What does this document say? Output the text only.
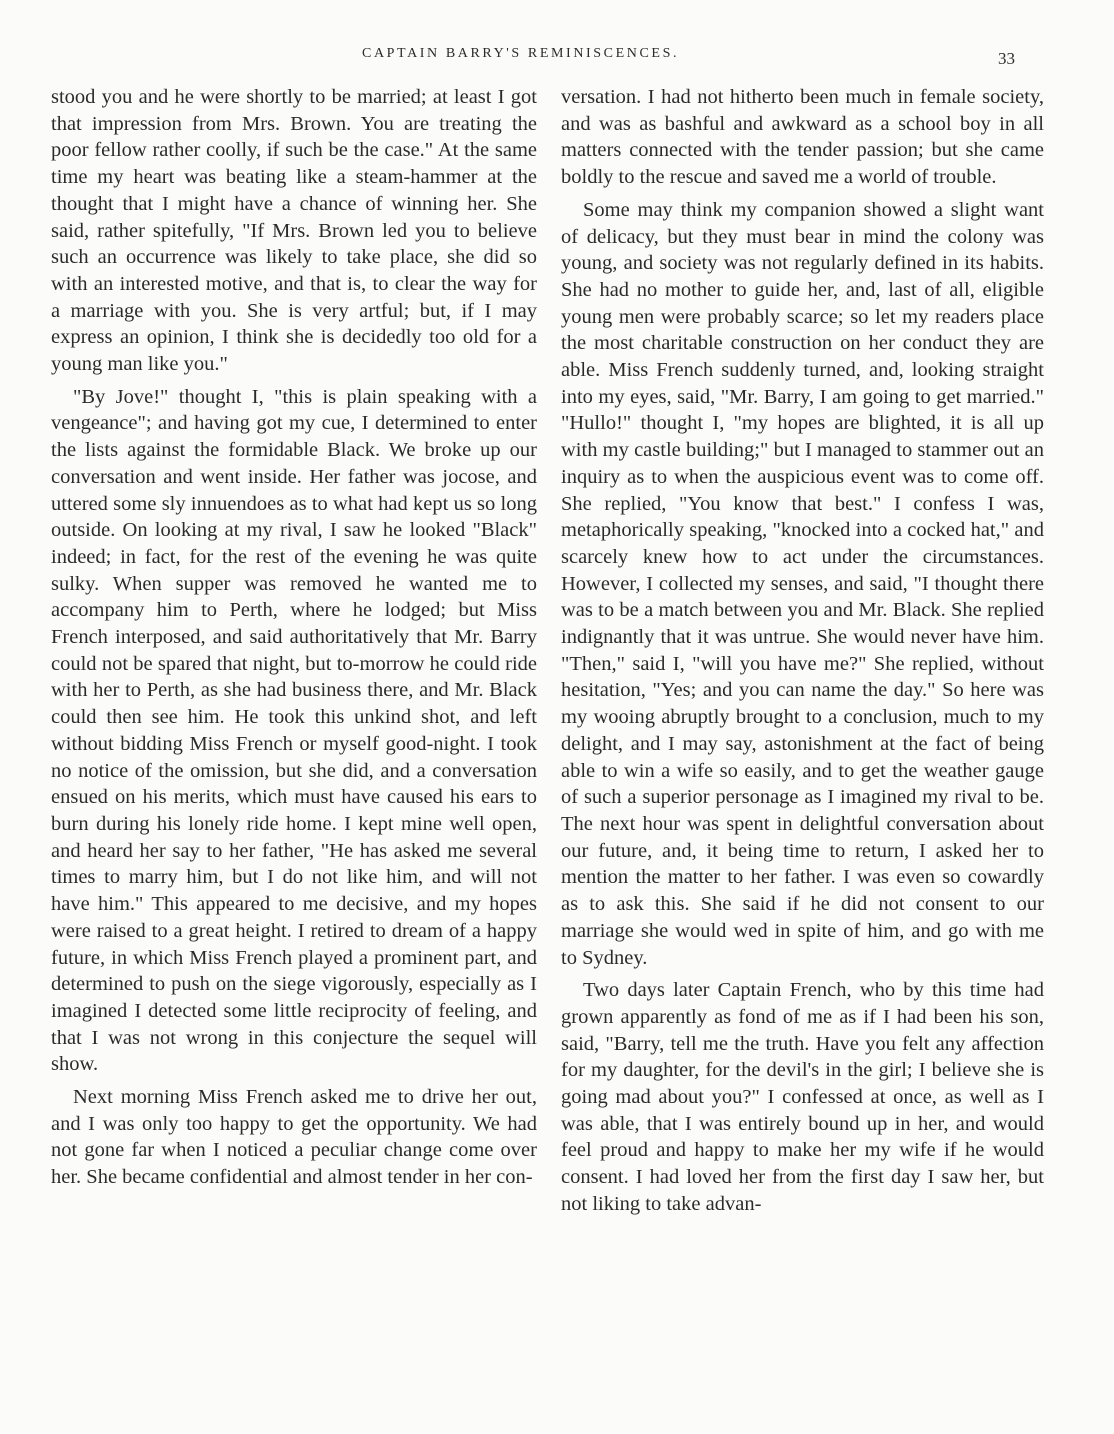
CAPTAIN BARRY'S REMINISCENCES.	33

stood you and he were shortly to be married; at least I got that impression from Mrs. Brown. You are treating the poor fellow rather coolly, if such be the case." At the same time my heart was beating like a steam-hammer at the thought that I might have a chance of winning her. She said, rather spitefully, "If Mrs. Brown led you to believe such an occurrence was likely to take place, she did so with an interested motive, and that is, to clear the way for a marriage with you. She is very artful; but, if I may express an opinion, I think she is decidedly too old for a young man like you."

"By Jove!" thought I, "this is plain speaking with a vengeance"; and having got my cue, I determined to enter the lists against the formidable Black. We broke up our conversation and went inside. Her father was jocose, and uttered some sly innuendoes as to what had kept us so long outside. On looking at my rival, I saw he looked "Black" indeed; in fact, for the rest of the evening he was quite sulky. When supper was removed he wanted me to accompany him to Perth, where he lodged; but Miss French interposed, and said authoritatively that Mr. Barry could not be spared that night, but to-morrow he could ride with her to Perth, as she had business there, and Mr. Black could then see him. He took this unkind shot, and left without bidding Miss French or myself good-night. I took no notice of the omission, but she did, and a conversation ensued on his merits, which must have caused his ears to burn during his lonely ride home. I kept mine well open, and heard her say to her father, "He has asked me several times to marry him, but I do not like him, and will not have him." This appeared to me decisive, and my hopes were raised to a great height. I retired to dream of a happy future, in which Miss French played a prominent part, and determined to push on the siege vigorously, especially as I imagined I detected some little reciprocity of feeling, and that I was not wrong in this conjecture the sequel will show.

Next morning Miss French asked me to drive her out, and I was only too happy to get the opportunity. We had not gone far when I noticed a peculiar change come over her. She became confidential and almost tender in her con-

versation. I had not hitherto been much in female society, and was as bashful and awkward as a school boy in all matters connected with the tender passion; but she came boldly to the rescue and saved me a world of trouble.

Some may think my companion showed a slight want of delicacy, but they must bear in mind the colony was young, and society was not regularly defined in its habits. She had no mother to guide her, and, last of all, eligible young men were probably scarce; so let my readers place the most charitable construction on her conduct they are able. Miss French suddenly turned, and, looking straight into my eyes, said, "Mr. Barry, I am going to get married." "Hullo!" thought I, "my hopes are blighted, it is all up with my castle building;" but I managed to stammer out an inquiry as to when the auspicious event was to come off. She replied, "You know that best." I confess I was, metaphorically speaking, "knocked into a cocked hat," and scarcely knew how to act under the circumstances. However, I collected my senses, and said, "I thought there was to be a match between you and Mr. Black. She replied indignantly that it was untrue. She would never have him. "Then," said I, "will you have me?" She replied, without hesitation, "Yes; and you can name the day." So here was my wooing abruptly brought to a conclusion, much to my delight, and I may say, astonishment at the fact of being able to win a wife so easily, and to get the weather gauge of such a superior personage as I imagined my rival to be. The next hour was spent in delightful conversation about our future, and, it being time to return, I asked her to mention the matter to her father. I was even so cowardly as to ask this. She said if he did not consent to our marriage she would wed in spite of him, and go with me to Sydney.

Two days later Captain French, who by this time had grown apparently as fond of me as if I had been his son, said, "Barry, tell me the truth. Have you felt any affection for my daughter, for the devil's in the girl; I believe she is going mad about you?" I confessed at once, as well as I was able, that I was entirely bound up in her, and would feel proud and happy to make her my wife if he would consent. I had loved her from the first day I saw her, but not liking to take advan-
